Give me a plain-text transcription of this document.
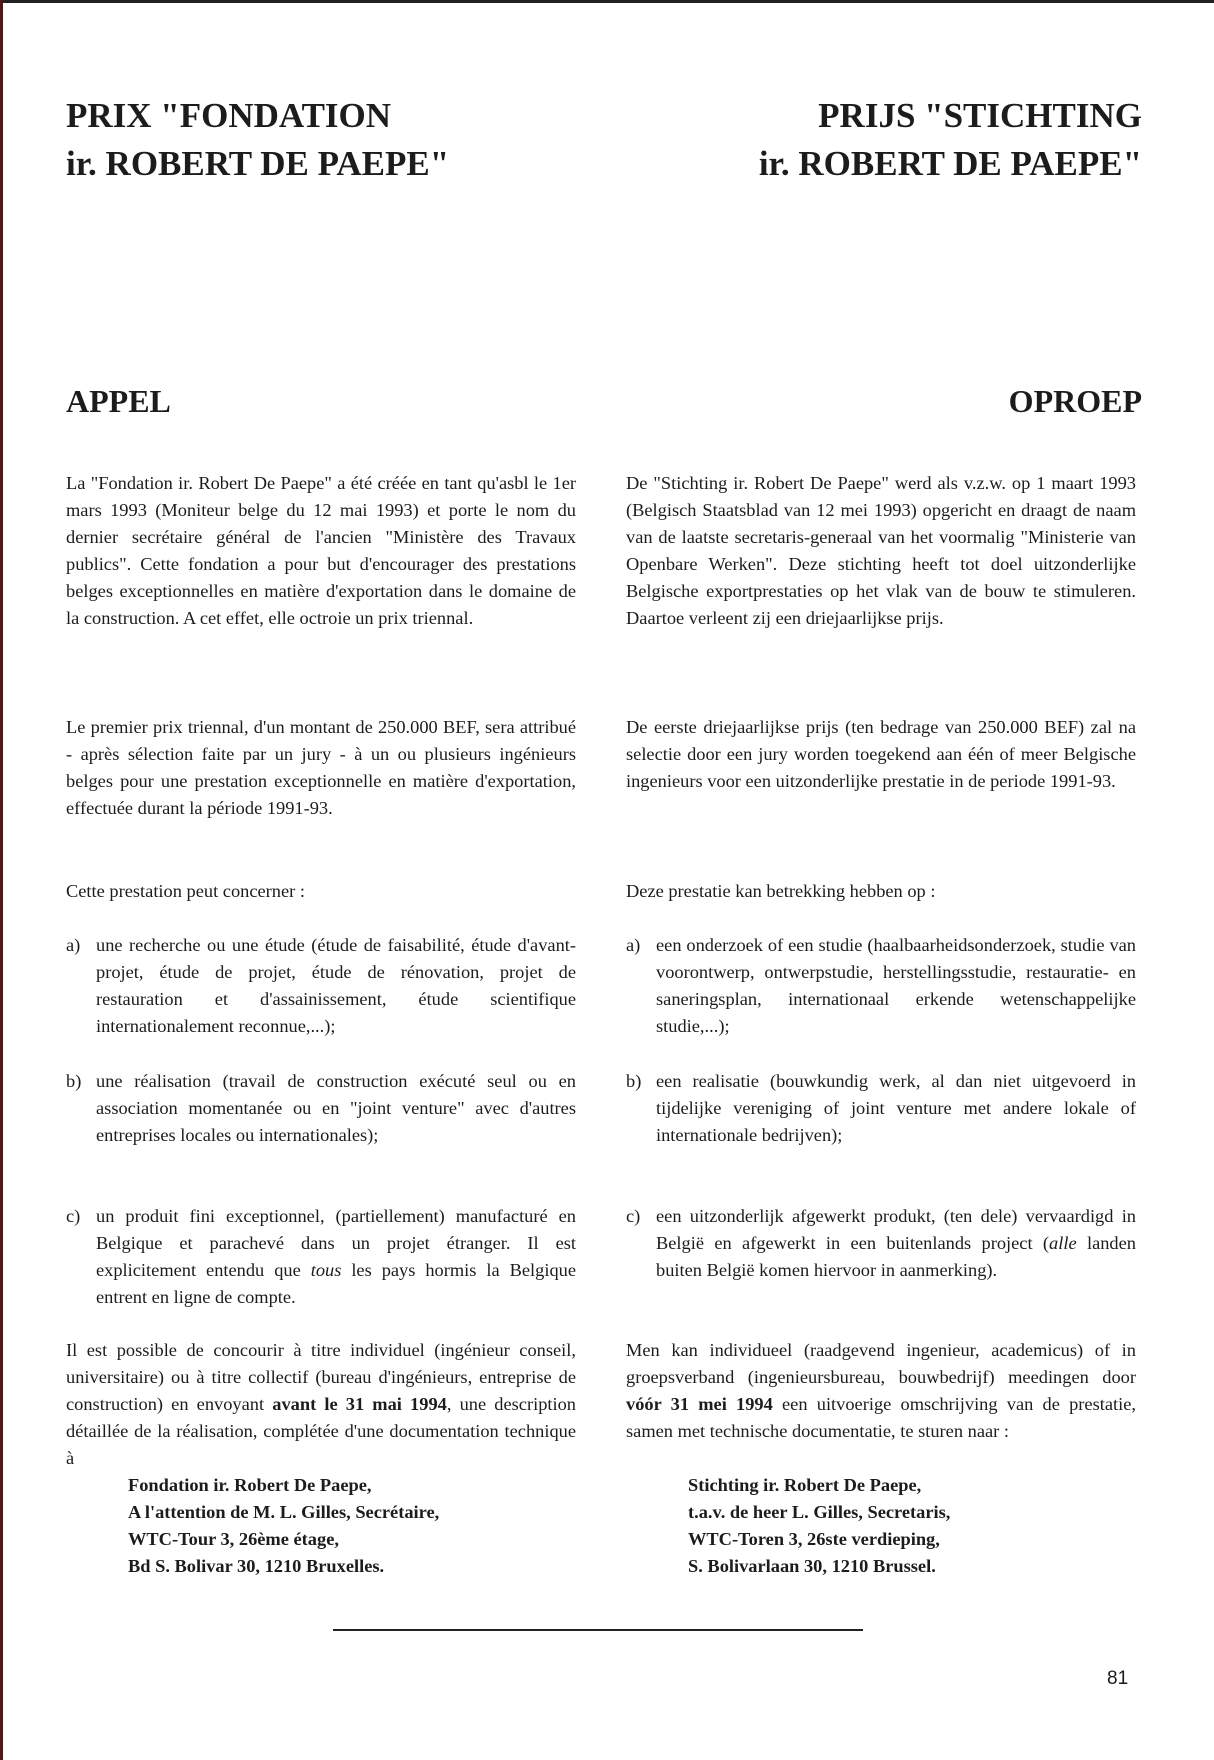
PRIX "FONDATION
ir. ROBERT DE PAEPE"
APPEL

La "Fondation ir. Robert De Paepe" a été créée en tant qu'asbl le 1er mars 1993 (Moniteur belge du 12 mai 1993) et porte le nom du dernier secrétaire général de l'ancien "Ministère des Travaux publics". Cette fondation a pour but d'encourager des prestations belges exceptionnelles en matière d'exportation dans le domaine de la construction. A cet effet, elle octroie un prix triennal.

Le premier prix triennal, d'un montant de 250.000 BEF, sera attribué - après sélection faite par un jury - à un ou plusieurs ingénieurs belges pour une prestation exceptionnelle en matière d'exportation, effectuée durant la période 1991-93.

Cette prestation peut concerner :

a) une recherche ou une étude (étude de faisabilité, étude d'avant-projet, étude de projet, étude de rénovation, projet de restauration et d'assainissement, étude scientifique internationalement reconnue,...);
b) une réalisation (travail de construction exécuté seul ou en association momentanée ou en "joint venture" avec d'autres entreprises locales ou internationales);
c) un produit fini exceptionnel, (partiellement) manufacturé en Belgique et parachevé dans un projet étranger. Il est explicitement entendu que tous les pays hormis la Belgique entrent en ligne de compte.

Il est possible de concourir à titre individuel (ingénieur conseil, universitaire) ou à titre collectif (bureau d'ingénieurs, entreprise de construction) en envoyant avant le 31 mai 1994, une description détaillée de la réalisation, complétée d'une documentation technique à

Fondation ir. Robert De Paepe,
A l'attention de M. L. Gilles, Secrétaire,
WTC-Tour 3, 26ème étage,
Bd S. Bolivar 30, 1210 Bruxelles.
PRIJS "STICHTING
ir. ROBERT DE PAEPE"
OPROEP

De "Stichting ir. Robert De Paepe" werd als v.z.w. op 1 maart 1993 (Belgisch Staatsblad van 12 mei 1993) opgericht en draagt de naam van de laatste secretaris-generaal van het voormalig "Ministerie van Openbare Werken". Deze stichting heeft tot doel uitzonderlijke Belgische exportprestaties op het vlak van de bouw te stimuleren. Daartoe verleent zij een driejaarlijkse prijs.

De eerste driejaarlijkse prijs (ten bedrage van 250.000 BEF) zal na selectie door een jury worden toegekend aan één of meer Belgische ingenieurs voor een uitzonderlijke prestatie in de periode 1991-93.

Deze prestatie kan betrekking hebben op :

a) een onderzoek of een studie (haalbaarheidsonderzoek, studie van voorontwerp, ontwerpstudie, herstellingsstudie, restauratie- en saneringsplan, internationaal erkende wetenschappelijke studie,...);
b) een realisatie (bouwkundig werk, al dan niet uitgevoerd in tijdelijke vereniging of joint venture met andere lokale of internationale bedrijven);
c) een uitzonderlijk afgewerkt produkt, (ten dele) vervaardigd in België en afgewerkt in een buitenlands project (alle landen buiten België komen hiervoor in aanmerking).

Men kan individueel (raadgevend ingenieur, academicus) of in groepsverband (ingenieursbureau, bouwbedrijf) meedingen door vóór 31 mei 1994 een uitvoerige omschrijving van de prestatie, samen met technische documentatie, te sturen naar :

Stichting ir. Robert De Paepe,
t.a.v. de heer L. Gilles, Secretaris,
WTC-Toren 3, 26ste verdieping,
S. Bolivarlaan 30, 1210 Brussel.
81
